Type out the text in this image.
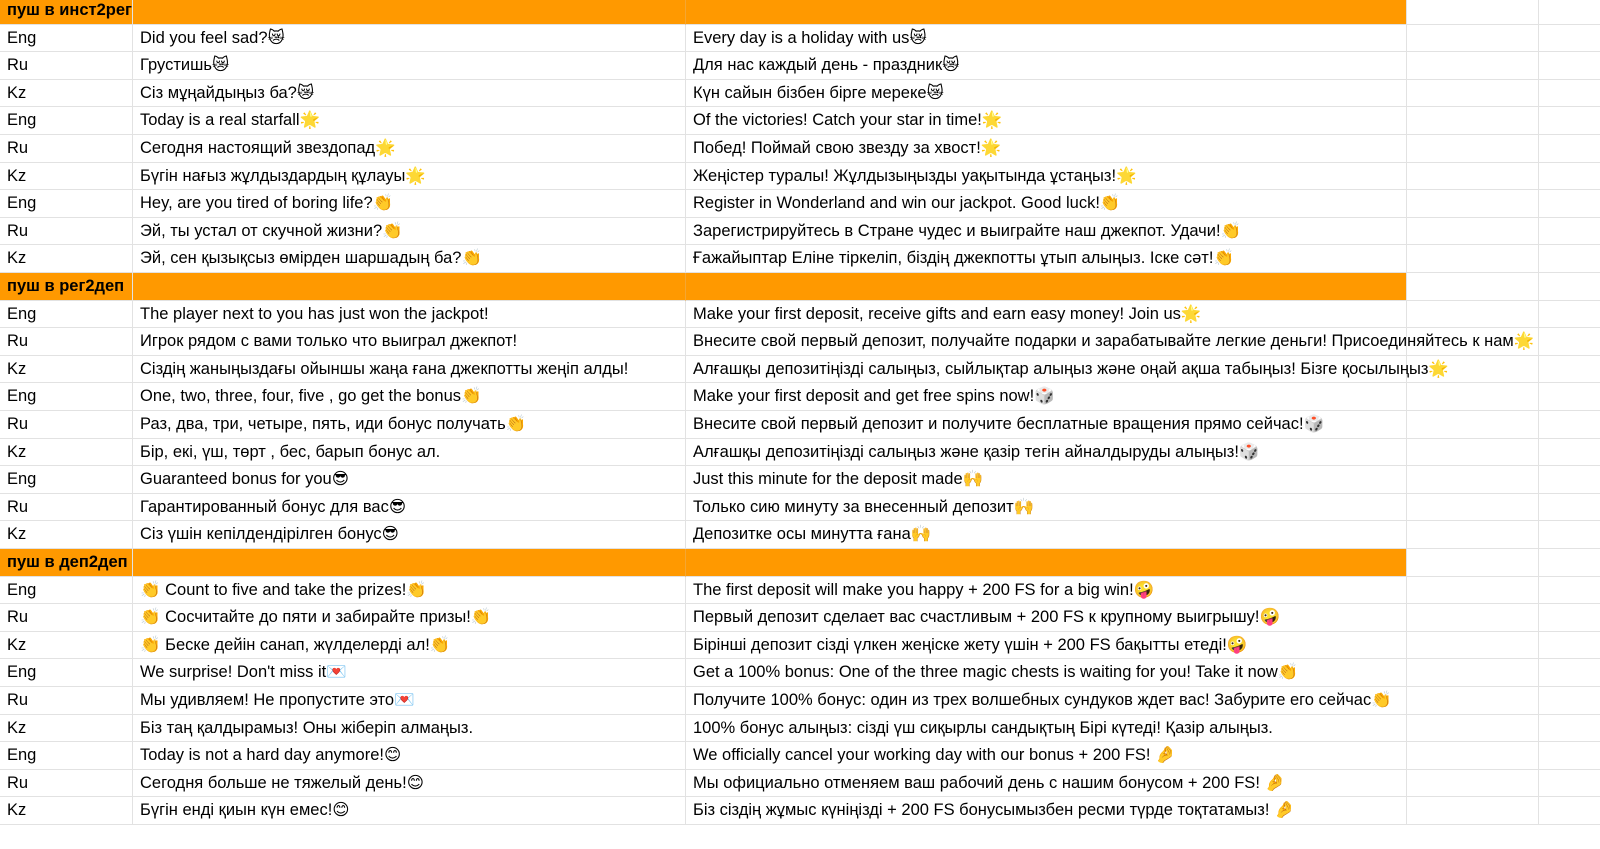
пуш в инст2рег
Eng	Did you feel sad?😿	Every day is a holiday with us😿
Ru	Грустишь😿	Для нас каждый день - праздник😿
Kz	Сіз мұңайдыңыз ба?😿	Күн сайын бізбен бірге мереке😿
Eng	Today is a real starfall🌟	Of the victories! Catch your star in time!🌟
Ru	Сегодня настоящий звездопад🌟	Побед! Поймай свою звезду за хвост!🌟
Kz	Бүгін нағыз жұлдыздардың құлауы🌟	Жеңістер туралы! Жұлдызыңызды уақытында ұстаңыз!🌟
Eng	Hey, are you tired of boring life?👏	Register in Wonderland and win our jackpot. Good luck!👏
Ru	Эй, ты устал от скучной жизни?👏	Зарегистрируйтесь в Стране чудес и выиграйте наш джекпот. Удачи!👏
Kz	Эй, сен қызықсыз өмірден шаршадың ба?👏	Ғажайыптар Еліне тіркеліп, біздің джекпотты ұтып алыңыз. Іске сәт!👏
пуш в рег2деп
Eng	The player next to you has just won the jackpot!	Make your first deposit, receive gifts and earn easy money! Join us🌟
Ru	Игрок рядом с вами только что выиграл джекпот!	Внесите свой первый депозит, получайте подарки и зарабатывайте легкие деньги! Присоединяйтесь к нам🌟
Kz	Сіздің жаныңыздағы ойыншы жаңа ғана джекпотты жеңіп алды!	Алғашқы депозитіңізді салыңыз, сыйлықтар алыңыз және оңай ақша табыңыз! Бізге қосылыңыз🌟
Eng	One, two, three, four, five , go get the bonus👏	Make your first deposit and get free spins now!🎲
Ru	Раз, два, три, четыре, пять, иди бонус получать👏	Внесите свой первый депозит и получите бесплатные вращения прямо сейчас!🎲
Kz	Бір, екі, үш, төрт , бес, барып бонус ал.	Алғашқы депозитіңізді салыңыз және қазір тегін айналдыруды алыңыз!🎲
Eng	Guaranteed bonus for you😎	Just this minute for the deposit made🙌
Ru	Гарантированный бонус для вас😎	Только сию минуту за внесенный депозит🙌
Kz	Сіз үшін кепілдендірілген бонус😎	Депозитке осы минутта ғана🙌
пуш в деп2деп
Eng	👏 Count to five and take the prizes!👏	The first deposit will make you happy + 200 FS for a big win!🤪
Ru	👏 Сосчитайте до пяти и забирайте призы!👏	Первый депозит сделает вас счастливым + 200 FS к крупному выигрышу!🤪
Kz	👏 Беске дейін санап, жүлделерді ал!👏	Бірінші депозит сізді үлкен жеңіске жету үшін + 200 FS бақытты етеді!🤪
Eng	We surprise! Don't miss it💌	Get a 100% bonus: One of the three magic chests is waiting for you! Take it now👏
Ru	Мы удивляем! Не пропустите это💌	Получите 100% бонус: один из трех волшебных сундуков ждет вас! Забурите его сейчас👏
Kz	Біз таң қалдырамыз! Оны жіберіп алмаңыз.	100% бонус алыңыз: сізді үш сиқырлы сандықтың Бірі күтеді! Қазір алыңыз.
Eng	Today is not a hard day anymore!😊	We officially cancel your working day with our bonus + 200 FS! 🤌
Ru	Сегодня больше не тяжелый день!😊	Мы официально отменяем ваш рабочий день с нашим бонусом + 200 FS! 🤌
Kz	Бүгін енді қиын күн емес!😊	Біз сіздің жұмыс күніңізді + 200 FS бонусымызбен ресми түрде тоқтатамыз! 🤌
